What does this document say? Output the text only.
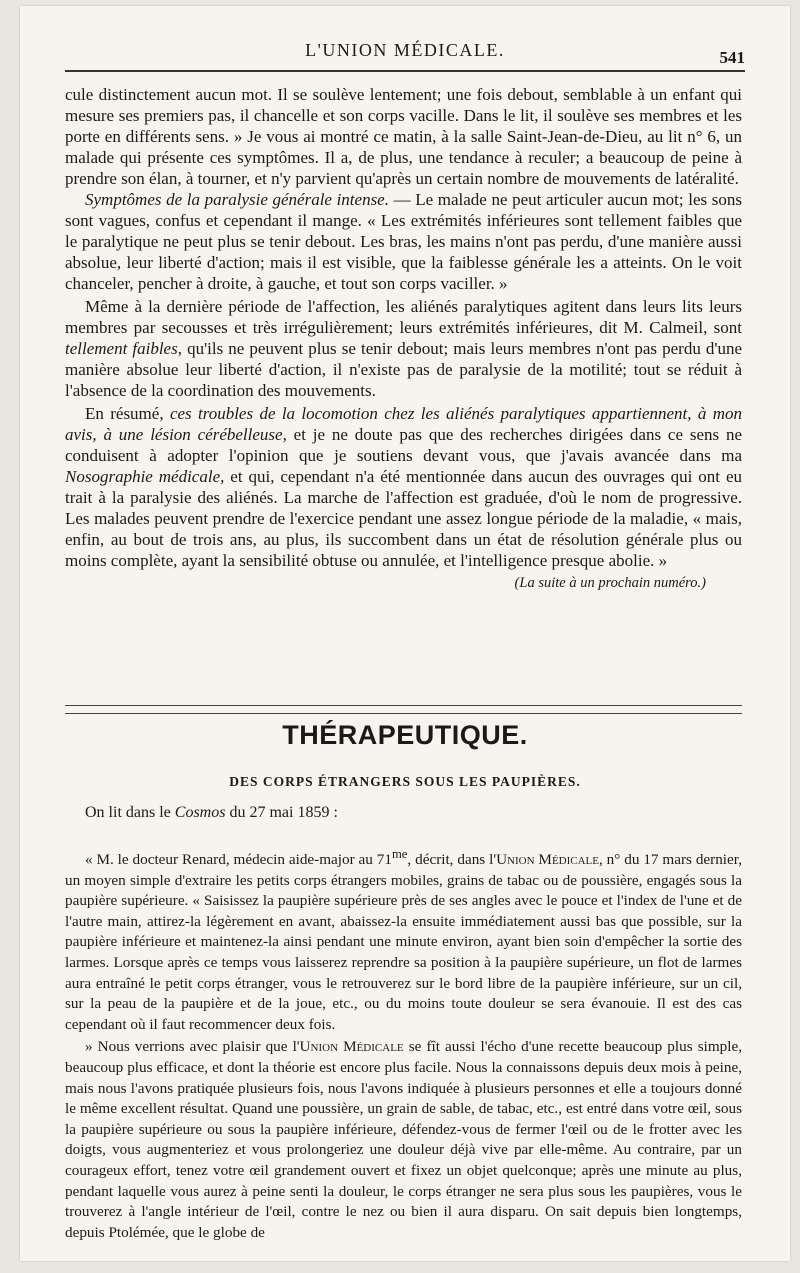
L'UNION MÉDICALE.	541

cule distinctement aucun mot. Il se soulève lentement; une fois debout, semblable à un enfant qui mesure ses premiers pas, il chancelle et son corps vacille. Dans le lit, il soulève ses membres et les porte en différents sens. » Je vous ai montré ce matin, à la salle Saint-Jean-de-Dieu, au lit n° 6, un malade qui présente ces symptômes. Il a, de plus, une tendance à reculer; a beaucoup de peine à prendre son élan, à tourner, et n'y parvient qu'après un certain nombre de mouvements de latéralité.

Symptômes de la paralysie générale intense. — Le malade ne peut articuler aucun mot; les sons sont vagues, confus et cependant il mange. « Les extrémités inférieures sont tellement faibles que le paralytique ne peut plus se tenir debout. Les bras, les mains n'ont pas perdu, d'une manière aussi absolue, leur liberté d'action; mais il est visible, que la faiblesse générale les a atteints. On le voit chanceler, pencher à droite, à gauche, et tout son corps vaciller. »

Même à la dernière période de l'affection, les aliénés paralytiques agitent dans leurs lits leurs membres par secousses et très irrégulièrement; leurs extrémités inférieures, dit M. Calmeil, sont tellement faibles, qu'ils ne peuvent plus se tenir debout; mais leurs membres n'ont pas perdu d'une manière absolue leur liberté d'action, il n'existe pas de paralysie de la motilité; tout se réduit à l'absence de la coordination des mouvements.

En résumé, ces troubles de la locomotion chez les aliénés paralytiques appartiennent, à mon avis, à une lésion cérébelleuse, et je ne doute pas que des recherches dirigées dans ce sens ne conduisent à adopter l'opinion que je soutiens devant vous, que j'avais avancée dans ma Nosographie médicale, et qui, cependant n'a été mentionnée dans aucun des ouvrages qui ont eu trait à la paralysie des aliénés. La marche de l'affection est graduée, d'où le nom de progressive. Les malades peuvent prendre de l'exercice pendant une assez longue période de la maladie, « mais, enfin, au bout de trois ans, au plus, ils succombent dans un état de résolution générale plus ou moins complète, ayant la sensibilité obtuse ou annulée, et l'intelligence presque abolie. »

(La suite à un prochain numéro.)

THÉRAPEUTIQUE.
DES CORPS ÉTRANGERS SOUS LES PAUPIÈRES.
On lit dans le Cosmos du 27 mai 1859 :

« M. le docteur Renard, médecin aide-major au $71^{me}$, décrit, dans l'Union Médicale, n° du 17 mars dernier, un moyen simple d'extraire les petits corps étrangers mobiles, grains de tabac ou de poussière, engagés sous la paupière supérieure. « Saisissez la paupière supérieure près de ses angles avec le pouce et l'index de l'une et de l'autre main, attirez-la légèrement en avant, abaissez-la ensuite immédiatement aussi bas que possible, sur la paupière inférieure et maintenez-la ainsi pendant une minute environ, ayant bien soin d'empêcher la sortie des larmes. Lorsque après ce temps vous laisserez reprendre sa position à la paupière supérieure, un flot de larmes aura entraîné le petit corps étranger, vous le retrouverez sur le bord libre de la paupière inférieure, sur un cil, sur la peau de la paupière et de la joue, etc., ou du moins toute douleur se sera évanouie. Il est des cas cependant où il faut recommencer deux fois.

» Nous verrions avec plaisir que l'Union Médicale se fît aussi l'écho d'une recette beaucoup plus simple, beaucoup plus efficace, et dont la théorie est encore plus facile. Nous la connaissons depuis deux mois à peine, mais nous l'avons pratiquée plusieurs fois, nous l'avons indiquée à plusieurs personnes et elle a toujours donné le même excellent résultat. Quand une poussière, un grain de sable, de tabac, etc., est entré dans votre œil, sous la paupière supérieure ou sous la paupière inférieure, défendez-vous de fermer l'œil ou de le frotter avec les doigts, vous augmenteriez et vous prolongeriez une douleur déjà vive par elle-même. Au contraire, par un courageux effort, tenez votre œil grandement ouvert et fixez un objet quelconque; après une minute au plus, pendant laquelle vous aurez à peine senti la douleur, le corps étranger ne sera plus sous les paupières, vous le trouverez à l'angle intérieur de l'œil, contre le nez ou bien il aura disparu. On sait depuis bien longtemps, depuis Ptolémée, que le globe de
